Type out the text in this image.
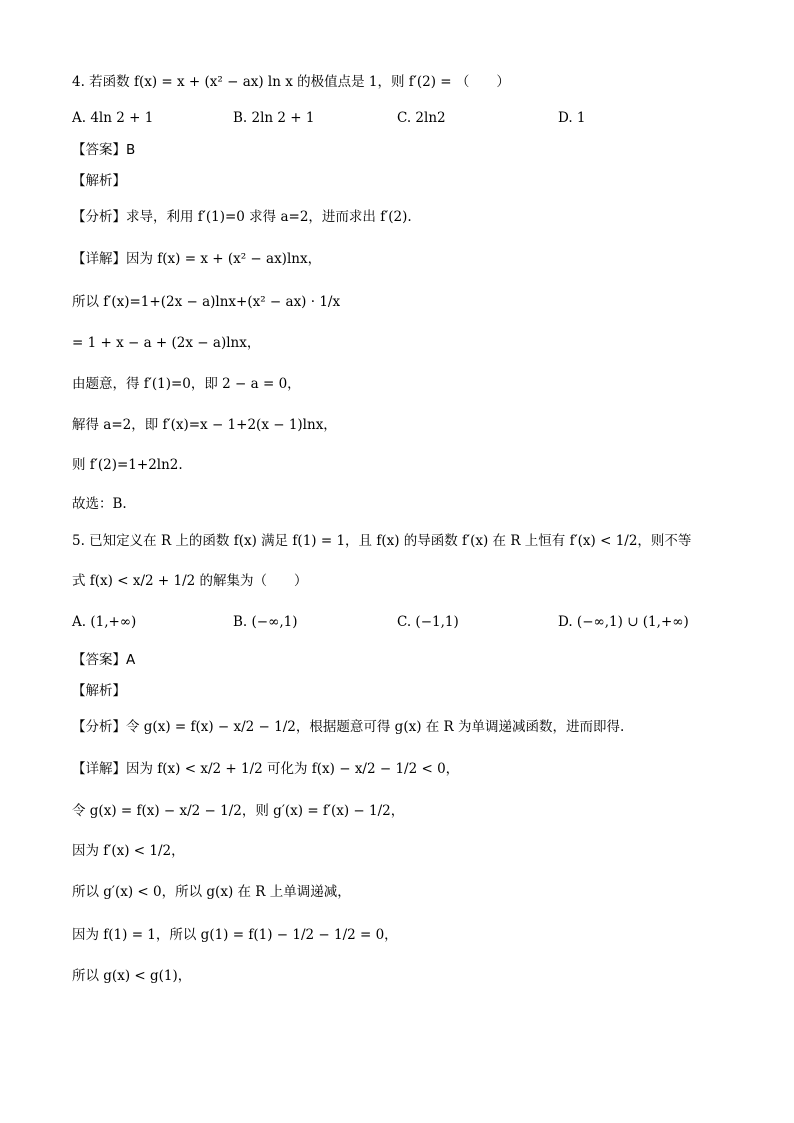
4. 若函数 f(x) = x + (x² − ax) ln x 的极值点是 1，则 f′(2) = （　　）
A. 4ln 2 + 1	B. 2ln 2 + 1	C. 2ln2	D. 1
【答案】B
【解析】
【分析】求导，利用 f′(1)=0 求得 a=2，进而求出 f′(2).
【详解】因为 f(x) = x + (x² − ax)lnx，
所以 f′(x)=1+(2x − a)lnx+(x² − ax) · 1/x
= 1 + x − a + (2x − a)lnx，
由题意，得 f′(1)=0，即 2 − a = 0，
解得 a=2，即 f′(x)=x − 1+2(x − 1)lnx，
则 f′(2)=1+2ln2.
故选：B.
5. 已知定义在 R 上的函数 f(x) 满足 f(1) = 1，且 f(x) 的导函数 f′(x) 在 R 上恒有 f′(x) < 1/2，则不等
式 f(x) < x/2 + 1/2 的解集为（　　）
A. (1,+∞)	B. (−∞,1)	C. (−1,1)	D. (−∞,1) ∪ (1,+∞)
【答案】A
【解析】
【分析】令 g(x) = f(x) − x/2 − 1/2，根据题意可得 g(x) 在 R 为单调递减函数，进而即得.
【详解】因为 f(x) < x/2 + 1/2 可化为 f(x) − x/2 − 1/2 < 0，
令 g(x) = f(x) − x/2 − 1/2，则 g′(x) = f′(x) − 1/2，
因为 f′(x) < 1/2，
所以 g′(x) < 0，所以 g(x) 在 R 上单调递减，
因为 f(1) = 1，所以 g(1) = f(1) − 1/2 − 1/2 = 0，
所以 g(x) < g(1)，
